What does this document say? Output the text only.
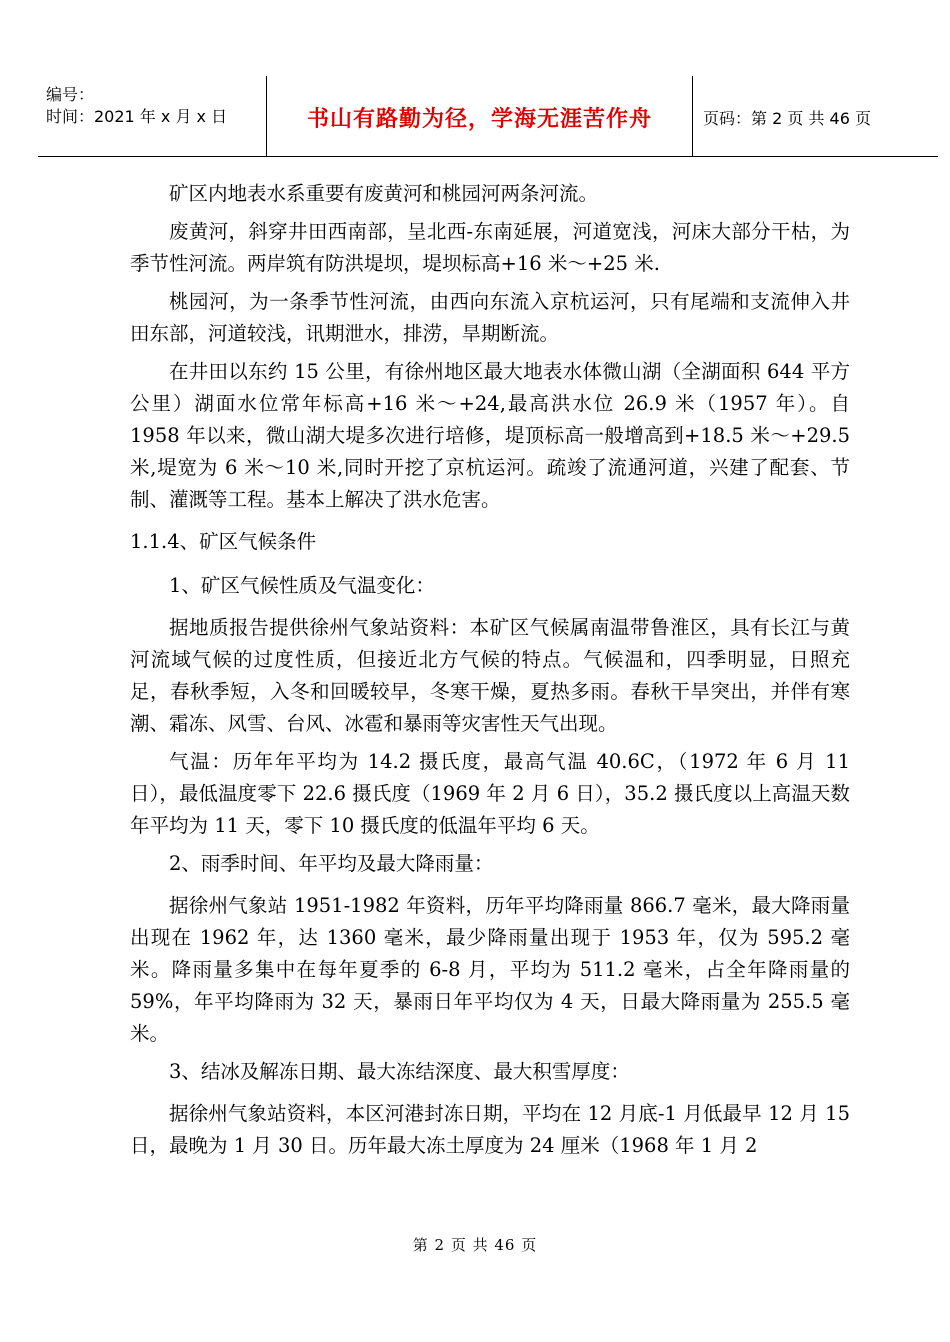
编号：
时间：2021 年 x 月 x 日	书山有路勤为径，学海无涯苦作舟	页码：第 2 页 共 46 页

矿区内地表水系重要有废黄河和桃园河两条河流。

废黄河，斜穿井田西南部，呈北西-东南延展，河道宽浅，河床大部分干枯，为季节性河流。两岸筑有防洪堤坝，堤坝标高+16 米～+25 米.

桃园河，为一条季节性河流，由西向东流入京杭运河，只有尾端和支流伸入井田东部，河道较浅，讯期泄水，排涝，旱期断流。

在井田以东约 15 公里，有徐州地区最大地表水体微山湖（全湖面积 644 平方公里）湖面水位常年标高+16 米～+24,最高洪水位 26.9 米（1957 年）。自 1958 年以来，微山湖大堤多次进行培修，堤顶标高一般增高到+18.5 米～+29.5 米,堤宽为 6 米～10 米,同时开挖了京杭运河。疏竣了流通河道，兴建了配套、节制、灌溉等工程。基本上解决了洪水危害。

1.1.4、矿区气候条件

1、矿区气候性质及气温变化：

据地质报告提供徐州气象站资料：本矿区气候属南温带鲁淮区，具有长江与黄河流域气候的过度性质，但接近北方气候的特点。气候温和，四季明显，日照充足，春秋季短，入冬和回暖较早，冬寒干燥，夏热多雨。春秋干旱突出，并伴有寒潮、霜冻、风雪、台风、冰雹和暴雨等灾害性天气出现。

气温：历年年平均为 14.2 摄氏度，最高气温 40.6C，（1972 年 6 月 11 日），最低温度零下 22.6 摄氏度（1969 年 2 月 6 日），35.2 摄氏度以上高温天数年平均为 11 天，零下 10 摄氏度的低温年平均 6 天。

2、雨季时间、年平均及最大降雨量：

据徐州气象站 1951-1982 年资料，历年平均降雨量 866.7 毫米，最大降雨量出现在 1962 年，达 1360 毫米，最少降雨量出现于 1953 年，仅为 595.2 毫米。降雨量多集中在每年夏季的 6-8 月，平均为 511.2 毫米，占全年降雨量的 59%，年平均降雨为 32 天，暴雨日年平均仅为 4 天，日最大降雨量为 255.5 毫米。

3、结冰及解冻日期、最大冻结深度、最大积雪厚度：

据徐州气象站资料，本区河港封冻日期，平均在 12 月底-1 月低最早 12 月 15 日，最晚为 1 月 30 日。历年最大冻土厚度为 24 厘米（1968 年 1 月 2

第 2 页 共 46 页
